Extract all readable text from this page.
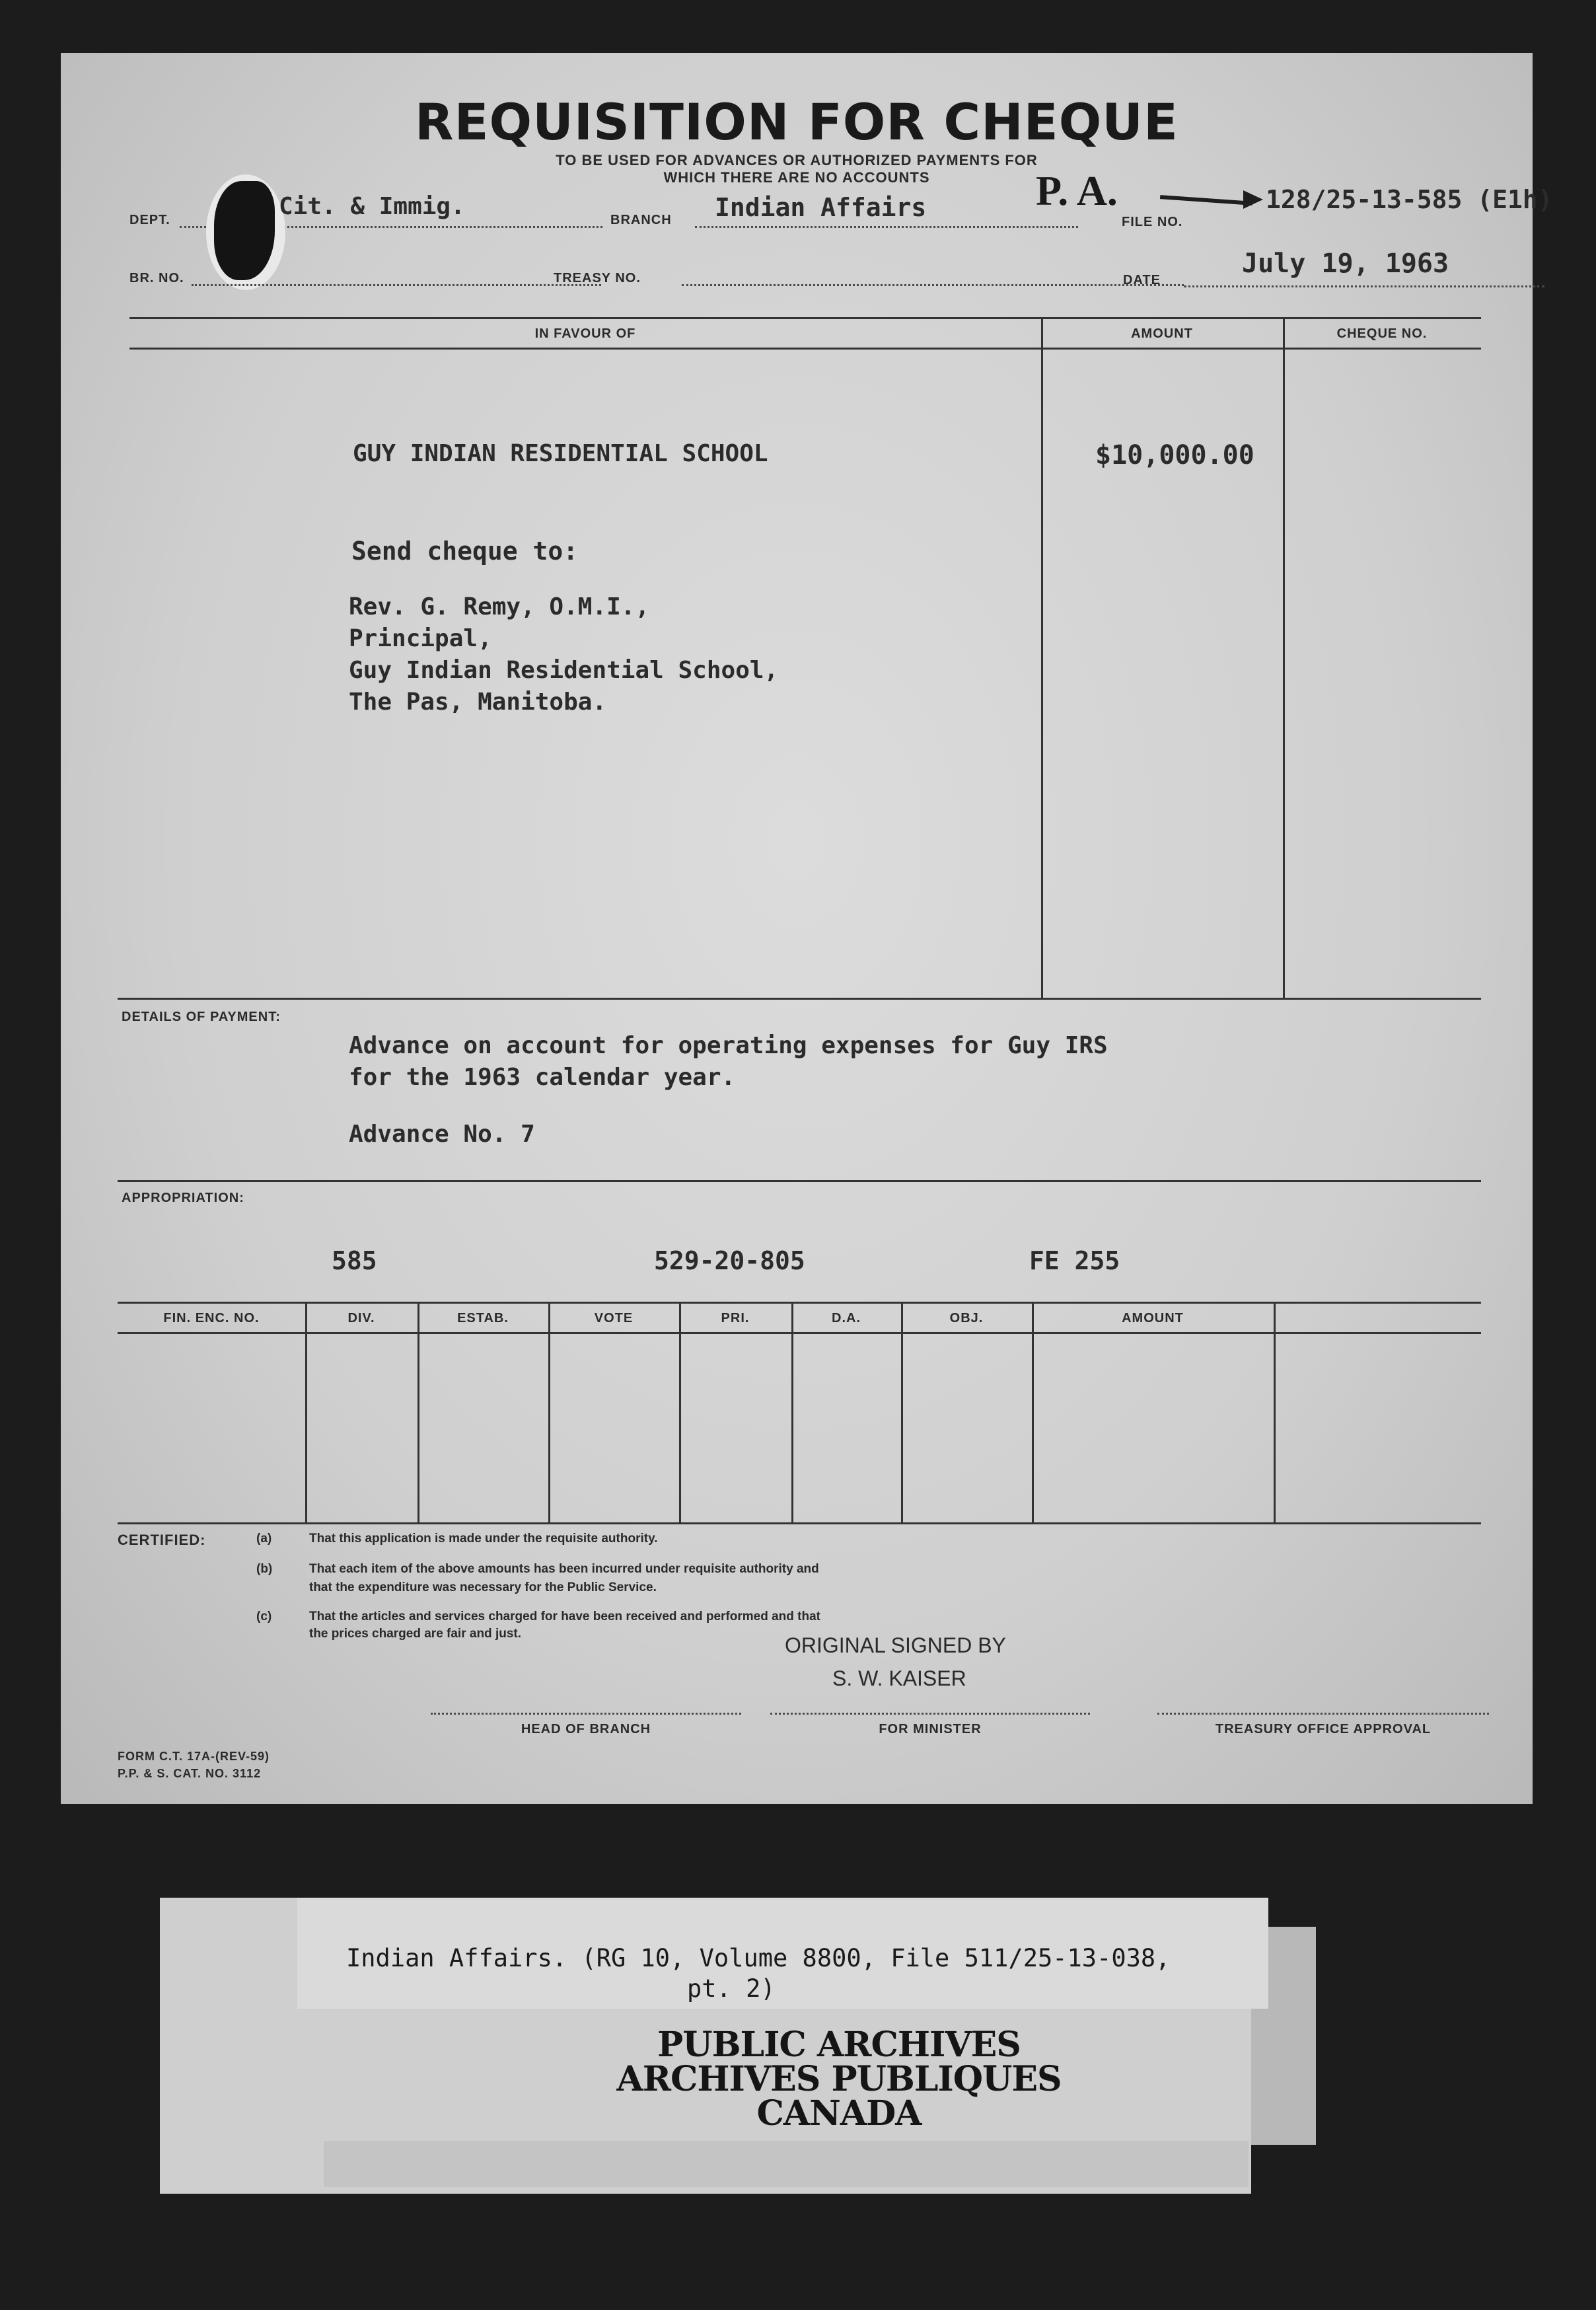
REQUISITION FOR CHEQUE
TO BE USED FOR ADVANCES OR AUTHORIZED PAYMENTS FOR
WHICH THERE ARE NO ACCOUNTS
DEPT.	Cit. & Immig.	BRANCH Indian Affairs	P. A.
FILE NO.
128/25-13-585 (E1h)
BR. NO.	TREASY NO.	DATE
July 19, 1963
IN FAVOUR OF	AMOUNT	CHEQUE NO.
GUY INDIAN RESIDENTIAL SCHOOL	$10,000.00
Send cheque to:
Rev. G. Remy, O.M.I.,
Principal,
Guy Indian Residential School,
The Pas, Manitoba.
DETAILS OF PAYMENT:
Advance on account for operating expenses for Guy IRS
for the 1963 calendar year.
Advance No. 7
APPROPRIATION:
585	529-20-805	FE 255
FIN. ENC. NO.	DIV.	ESTAB.	VOTE	PRI.	D.A.	OBJ.	AMOUNT
CERTIFIED:	(a)	That this application is made under the requisite authority.
(b)	That each item of the above amounts has been incurred under requisite authority and
that the expenditure was necessary for the Public Service.
(c)	That the articles and services charged for have been received and performed and that
the prices charged are fair and just.	ORIGINAL SIGNED BY
S. W. KAISER
HEAD OF BRANCH	FOR MINISTER	TREASURY OFFICE APPROVAL
FORM C.T. 17A-(REV-59)
P.P. & S. CAT. NO. 3112
Indian Affairs. (RG 10, Volume 8800, File 511/25-13-038,
pt. 2)
PUBLIC ARCHIVES
ARCHIVES PUBLIQUES
CANADA
